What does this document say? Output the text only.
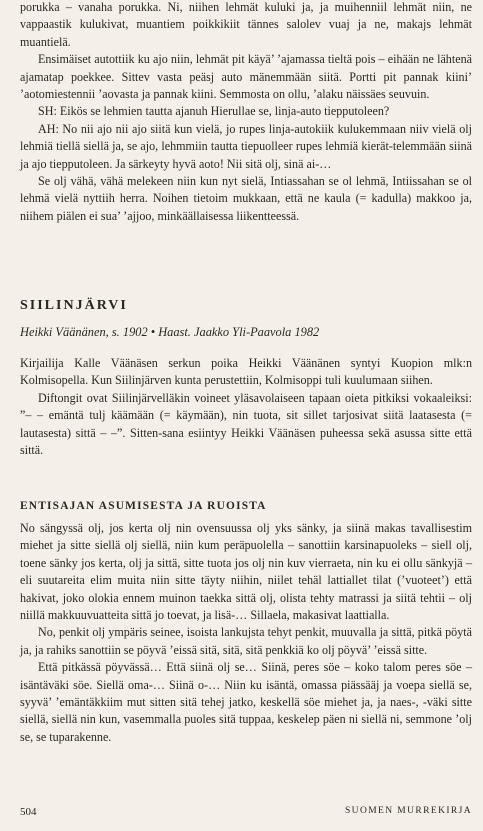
porukka – vanaha porukka. Ni, niihen lehmät kuluki ja, ja muihenniil lehmät niin, ne vappaastik kulukivat, muantiem poikkikiit tännes salolev vuaj ja ne, makajs lehmät muantielä.

Ensimäiset autottiik ku ajo niin, lehmät pit käyä’ ’ajamassa tieltä pois – eihään ne lähtenä ajamatap poekkee. Sittev vasta peäsj auto mänemmään siitä. Portti pit pannak kiini’ ’aotomiestennii ’aovasta ja pannak kiini. Semmosta on ollu, ’alaku näissäes seuvuin.

SH: Eikös se lehmien tautta ajanuh Hierullae se, linja-auto tiepputoleen?

AH: No nii ajo nii ajo siitä kun vielä, jo rupes linja-autokiik kulukemmaan niiv vielä olj lehmiä tiellä siellä ja, se ajo, lehmmiin tautta tiepuolleer rupes lehmiä kierät-telemmään siinä ja ajo tiepputoleen. Ja särkeyty hyvä aoto! Nii sitä olj, sinä ai-…

Se olj vähä, vähä melekeen niin kun nyt sielä, Intiassahan se ol lehmä, Intiissahan se ol lehmä vielä nyttiih herra. Noihen tietoim mukkaan, että ne kaula (= kadulla) makkoo ja, niihem piälen ei sua’ ’ajjoo, minkäällaisessa liikentteessä.

SIILINJÄRVI
Heikki Väänänen, s. 1902 • Haast. Jaakko Yli-Paavola 1982

Kirjailija Kalle Väänäsen serkun poika Heikki Väänänen syntyi Kuopion mlk:n Kolmisopella. Kun Siilinjärven kunta perustettiin, Kolmisoppi tuli kuulumaan siihen.

Diftongit ovat Siilinjärvelläkin voineet yläsavolaiseen tapaan oieta pitkiksi vokaaleiksi: ”– – emäntä tulj käämään (= käymään), nin tuota, sit sillet tarjosivat siitä laatasesta (= lautasesta) sittä – –”. Sitten-sana esiintyy Heikki Väänäsen puheessa sekä asussa sitte että sittä.

ENTISAJAN ASUMISESTA JA RUOISTA

No sängyssä olj, jos kerta olj nin ovensuussa olj yks sänky, ja siinä makas tavallisestim miehet ja sitte siellä olj siellä, niin kum peräpuolella – sanottiin karsinapuoleks – siell olj, toene sänky jos kerta, olj ja sittä, sitte tuota jos olj nin kuv vierraeta, nin ku ei ollu sänkyjä – eli suutareita elim muita niin sitte täyty niihin, niilet tehäl lattiallet tilat (’vuoteet’) että hakivat, joko olokia ennem muinon taekka sittä olj, olista tehty matrassi ja siitä tehtii – olj niillä makkuuvuatteita sittä jo toevat, ja lisä-… Sillaela, makasivat laattialla.

No, penkit olj ympäris seinee, isoista lankujsta tehyt penkit, muuvalla ja sittä, pitkä pöytä ja, ja rahiks sanottiin se pöyvä ’eissä sitä, sitä, sitä penkkiä ko olj pöyvä’ ’eissä sitte.

Että pitkässä pöyvässä… Että siinä olj se… Siinä, peres söe – koko talom peres söe – isäntäväki söe. Siellä oma-… Siinä o-… Niin ku isäntä, omassa piässääj ja voepa siellä se, syyvä’ ’emäntäkkiim mut sitten sitä tehej jatko, keskellä söe miehet ja, ja naes-, -väki sitte siellä, siellä nin kun, vasemmalla puoles sitä tuppaa, keskelep päen ni siellä ni, semmone ’olj se, se tuparakenne.

504	SUOMEN MURREKIRJA
